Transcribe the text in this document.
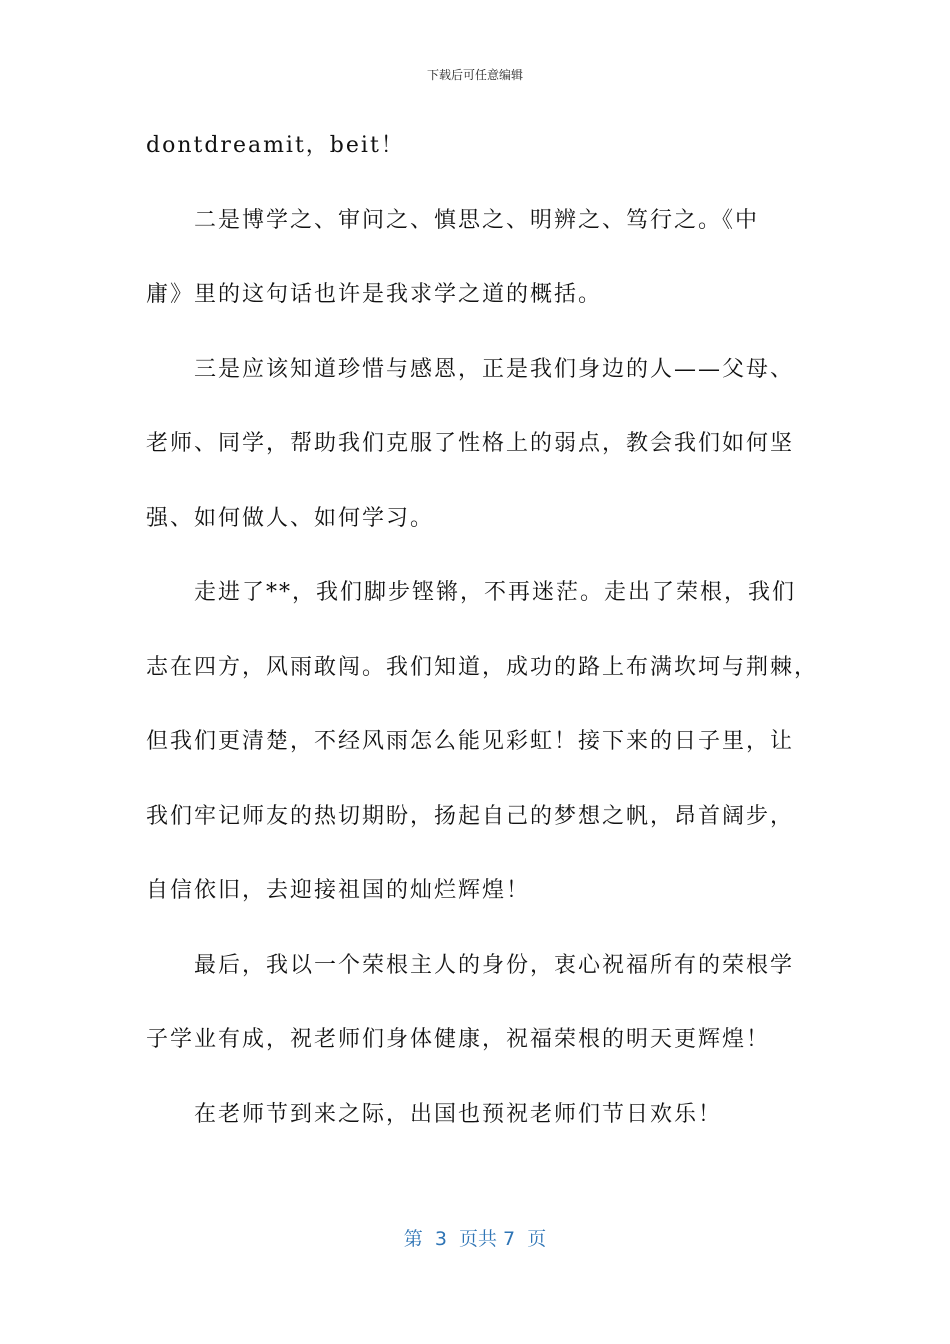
下载后可任意编辑
dontdreamit，beit！
二是博学之、审问之、慎思之、明辨之、笃行之。《中
庸》里的这句话也许是我求学之道的概括。
三是应该知道珍惜与感恩，正是我们身边的人——父母、
老师、同学，帮助我们克服了性格上的弱点，教会我们如何坚
强、如何做人、如何学习。
走进了**，我们脚步铿锵，不再迷茫。走出了荣根，我们
志在四方，风雨敢闯。我们知道，成功的路上布满坎坷与荆棘，
但我们更清楚，不经风雨怎么能见彩虹！接下来的日子里，让
我们牢记师友的热切期盼，扬起自己的梦想之帆，昂首阔步，
自信依旧，去迎接祖国的灿烂辉煌！
最后，我以一个荣根主人的身份，衷心祝福所有的荣根学
子学业有成，祝老师们身体健康，祝福荣根的明天更辉煌！
在老师节到来之际，出国也预祝老师们节日欢乐！
第  3  页共 7  页
